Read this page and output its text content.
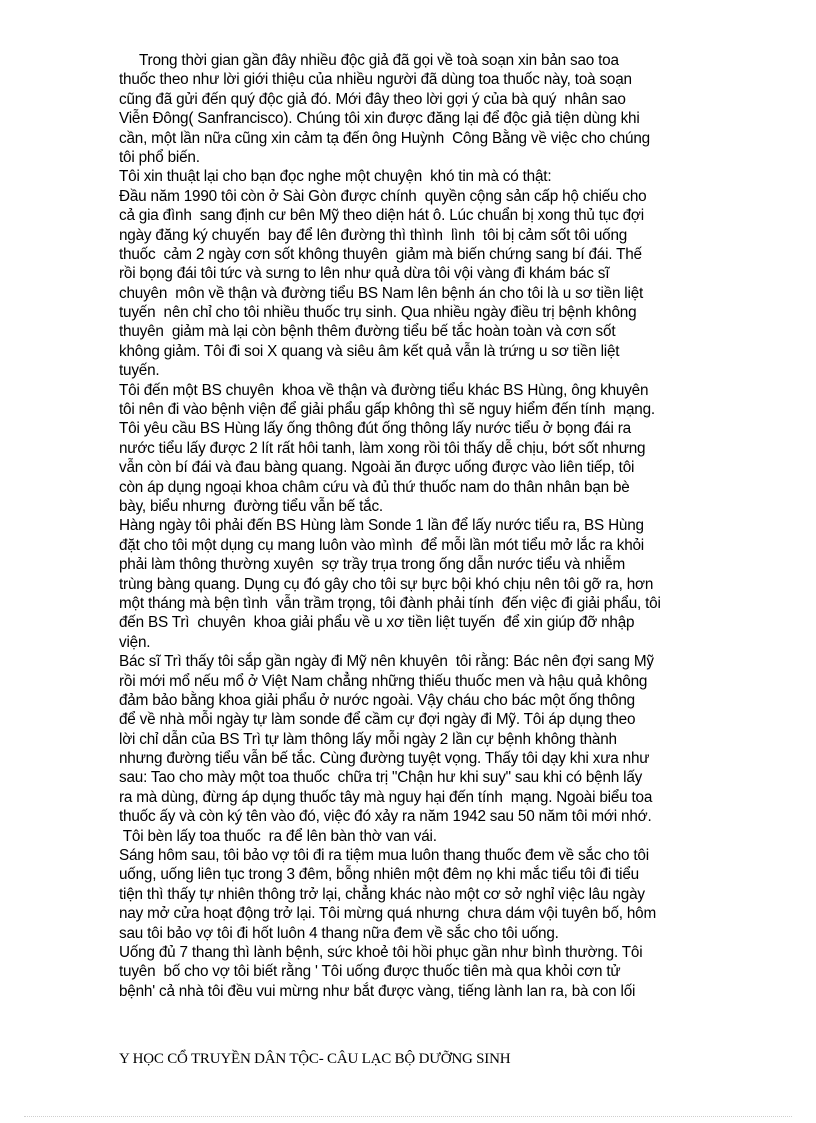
Trong thời gian gần đây nhiều độc giả đã gọi về toà soạn xin bản sao toa
thuốc theo như lời giới thiệu của nhiều người đã dùng toa thuốc này, toà soạn
cũng đã gửi đến quý độc giả đó. Mới đây theo lời gợi ý của bà quý  nhân sao
Viễn Đông( Sanfrancisco). Chúng tôi xin được đăng lại để độc giả tiện dùng khi
cần, một lần nữa cũng xin cảm tạ đến ông Huỳnh  Công Bằng về việc cho chúng
tôi phổ biến.
Tôi xin thuật lại cho bạn đọc nghe một chuyện  khó tin mà có thật:
Đầu năm 1990 tôi còn ở Sài Gòn được chính  quyền cộng sản cấp hộ chiếu cho
cả gia đình  sang định cư bên Mỹ theo diện hát ô. Lúc chuẩn bị xong thủ tục đợi
ngày đăng ký chuyến  bay để lên đường thì thình  lình  tôi bị cảm sốt tôi uống
thuốc  cảm 2 ngày cơn sốt không thuyên  giảm mà biến chứng sang bí đái. Thế
rồi bọng đái tôi tức và sưng to lên như quả dừa tôi vội vàng đi khám bác sĩ
chuyên  môn về thận và đường tiểu BS Nam lên bệnh án cho tôi là u sơ tiền liệt
tuyến  nên chỉ cho tôi nhiều thuốc trụ sinh. Qua nhiều ngày điều trị bệnh không
thuyên  giảm mà lại còn bệnh thêm đường tiểu bế tắc hoàn toàn và cơn sốt
không giảm. Tôi đi soi X quang và siêu âm kết quả vẫn là trứng u sơ tiền liệt
tuyến.
Tôi đến một BS chuyên  khoa về thận và đường tiểu khác BS Hùng, ông khuyên
tôi nên đi vào bệnh viện để giải phẩu gấp không thì sẽ nguy hiểm đến tính  mạng.
Tôi yêu cầu BS Hùng lấy ống thông đút ống thông lấy nước tiểu ở bọng đái ra
nước tiểu lấy được 2 lít rất hôi tanh, làm xong rồi tôi thấy dễ chịu, bớt sốt nhưng
vẫn còn bí đái và đau bàng quang. Ngoài ăn được uống được vào liên tiếp, tôi
còn áp dụng ngoại khoa châm cứu và đủ thứ thuốc nam do thân nhân bạn bè
bày, biểu nhưng  đường tiểu vẫn bế tắc.
Hàng ngày tôi phải đến BS Hùng làm Sonde 1 lần để lấy nước tiểu ra, BS Hùng
đặt cho tôi một dụng cụ mang luôn vào mình  để mỗi lần mót tiểu mở lắc ra khỏi
phải làm thông thường xuyên  sợ trầy trụa trong ống dẫn nước tiểu và nhiễm
trùng bàng quang. Dụng cụ đó gây cho tôi sự bực bội khó chịu nên tôi gỡ ra, hơn
một tháng mà bện tình  vẫn trầm trọng, tôi đành phải tính  đến việc đi giải phẩu, tôi
đến BS Trì  chuyên  khoa giải phẩu về u xơ tiền liệt tuyến  để xin giúp đỡ nhập
viện.
Bác sĩ Trì thấy tôi sắp gần ngày đi Mỹ nên khuyên  tôi rằng: Bác nên đợi sang Mỹ
rồi mới mổ nếu mổ ở Việt Nam chẳng những thiếu thuốc men và hậu quả không
đảm bảo bằng khoa giải phẩu ở nước ngoài. Vậy cháu cho bác một ống thông
để về nhà mỗi ngày tự làm sonde để cầm cự đợi ngày đi Mỹ. Tôi áp dụng theo
lời chỉ dẫn của BS Trì tự làm thông lấy mỗi ngày 2 lần cự bệnh không thành
nhưng đường tiểu vẫn bế tắc. Cùng đường tuyệt vọng. Thấy tôi dạy khi xưa như
sau: Tao cho mày một toa thuốc  chữa trị "Chận hư khi suy" sau khi có bệnh lấy
ra mà dùng, đừng áp dụng thuốc tây mà nguy hại đến tính  mạng. Ngoài biểu toa
thuốc ấy và còn ký tên vào đó, việc đó xảy ra năm 1942 sau 50 năm tôi mới nhớ.
Tôi bèn lấy toa thuốc  ra để lên bàn thờ van vái.
Sáng hôm sau, tôi bảo vợ tôi đi ra tiệm mua luôn thang thuốc đem về sắc cho tôi
uống, uống liên tục trong 3 đêm, bỗng nhiên một đêm nọ khi mắc tiểu tôi đi tiểu
tiện thì thấy tự nhiên thông trở lại, chẳng khác nào một cơ sở nghỉ việc lâu ngày
nay mở cửa hoạt động trở lại. Tôi mừng quá nhưng  chưa dám vội tuyên bố, hôm
sau tôi bảo vợ tôi đi hốt luôn 4 thang nữa đem về sắc cho tôi uống.
Uống đủ 7 thang thì lành bệnh, sức khoẻ tôi hồi phục gần như bình thường. Tôi
tuyên  bố cho vợ tôi biết rằng ' Tôi uống được thuốc tiên mà qua khỏi cơn tử
bệnh' cả nhà tôi đều vui mừng như bắt được vàng, tiếng lành lan ra, bà con lối
Y HỌC CỔ TRUYỀN DÂN TỘC- CÂU LẠC BỘ DƯỠNG SINH
